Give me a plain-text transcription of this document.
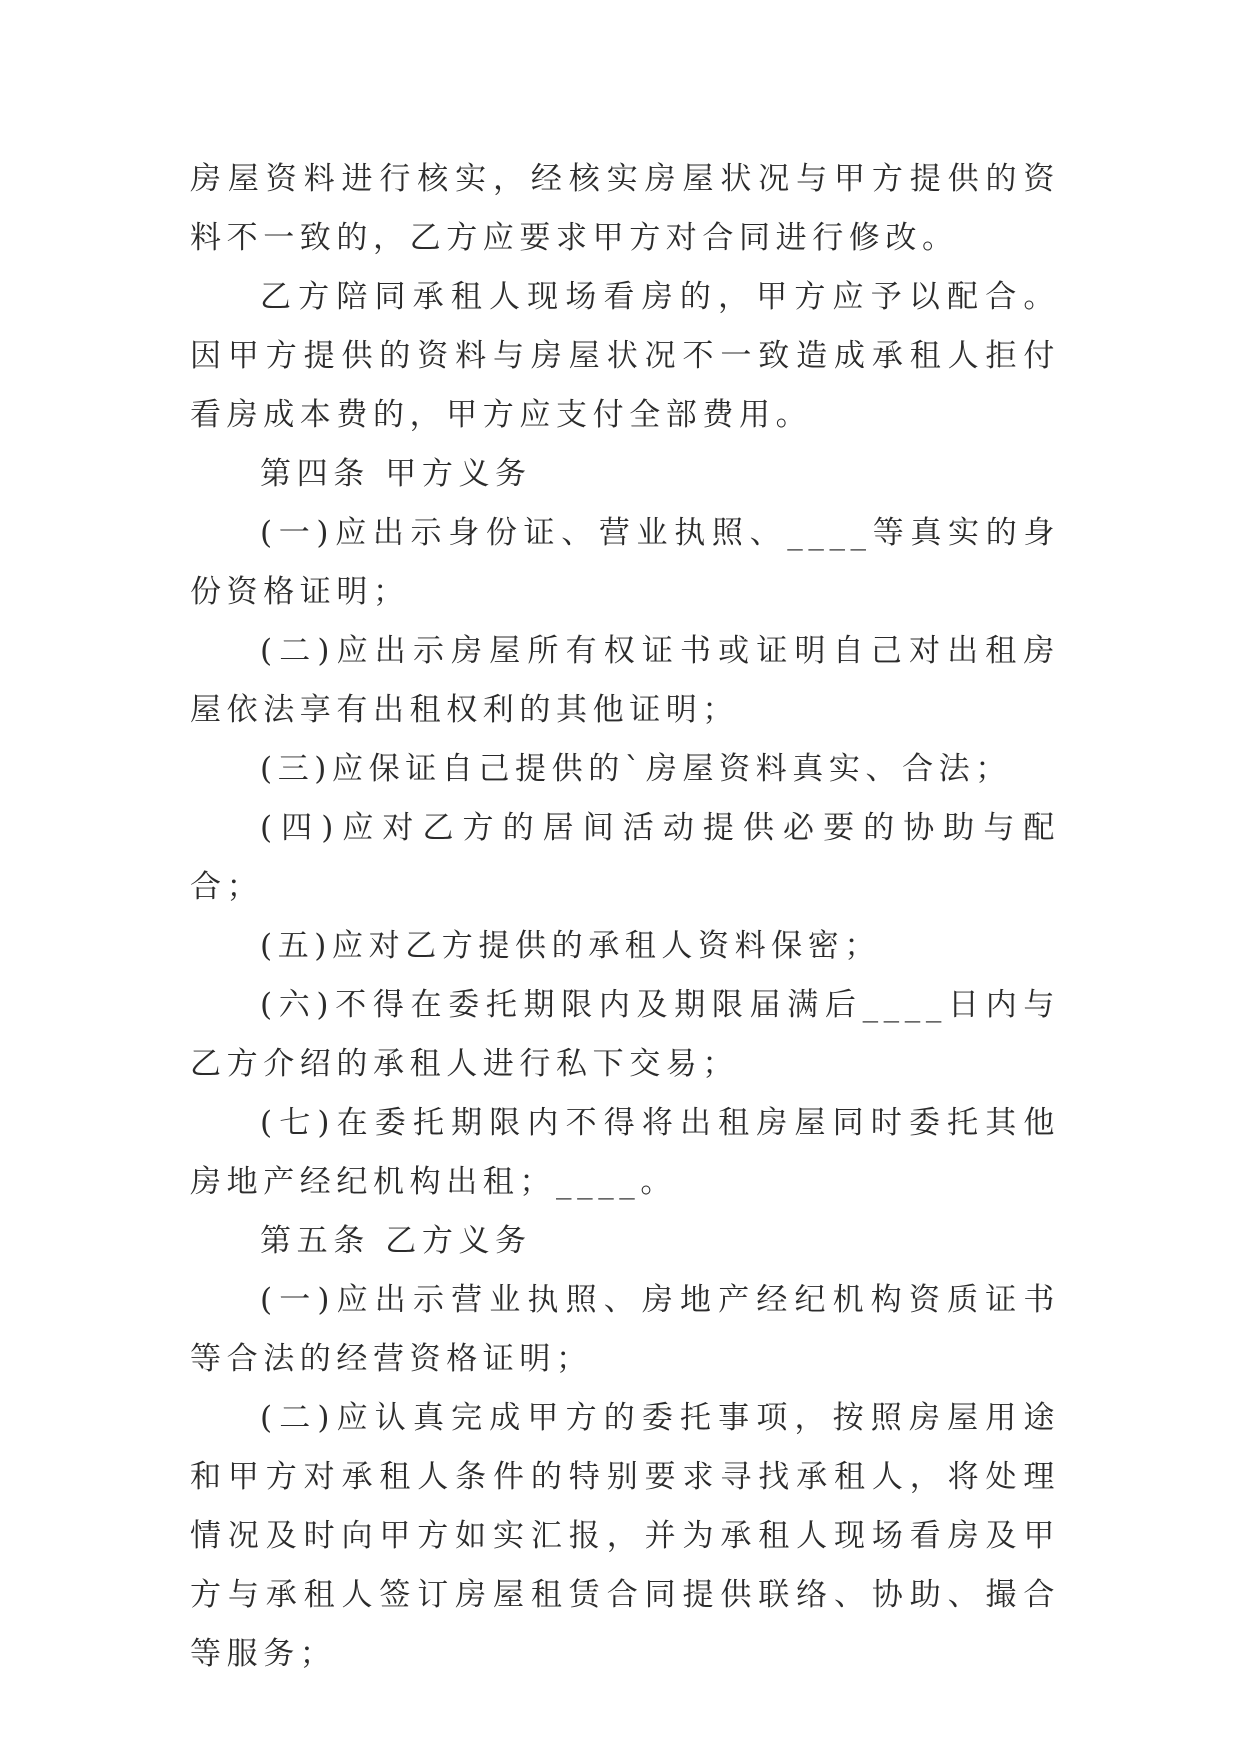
房屋资料进行核实，经核实房屋状况与甲方提供的资料不一致的，乙方应要求甲方对合同进行修改。

乙方陪同承租人现场看房的，甲方应予以配合。因甲方提供的资料与房屋状况不一致造成承租人拒付看房成本费的，甲方应支付全部费用。

第四条 甲方义务

(一)应出示身份证、营业执照、____等真实的身份资格证明；

(二)应出示房屋所有权证书或证明自己对出租房屋依法享有出租权利的其他证明；

(三)应保证自己提供的`房屋资料真实、合法；

(四)应对乙方的居间活动提供必要的协助与配合；

(五)应对乙方提供的承租人资料保密；

(六)不得在委托期限内及期限届满后____日内与乙方介绍的承租人进行私下交易；

(七)在委托期限内不得将出租房屋同时委托其他房地产经纪机构出租；____。

第五条 乙方义务

(一)应出示营业执照、房地产经纪机构资质证书等合法的经营资格证明；

(二)应认真完成甲方的委托事项，按照房屋用途和甲方对承租人条件的特别要求寻找承租人，将处理情况及时向甲方如实汇报，并为承租人现场看房及甲方与承租人签订房屋租赁合同提供联络、协助、撮合等服务；
